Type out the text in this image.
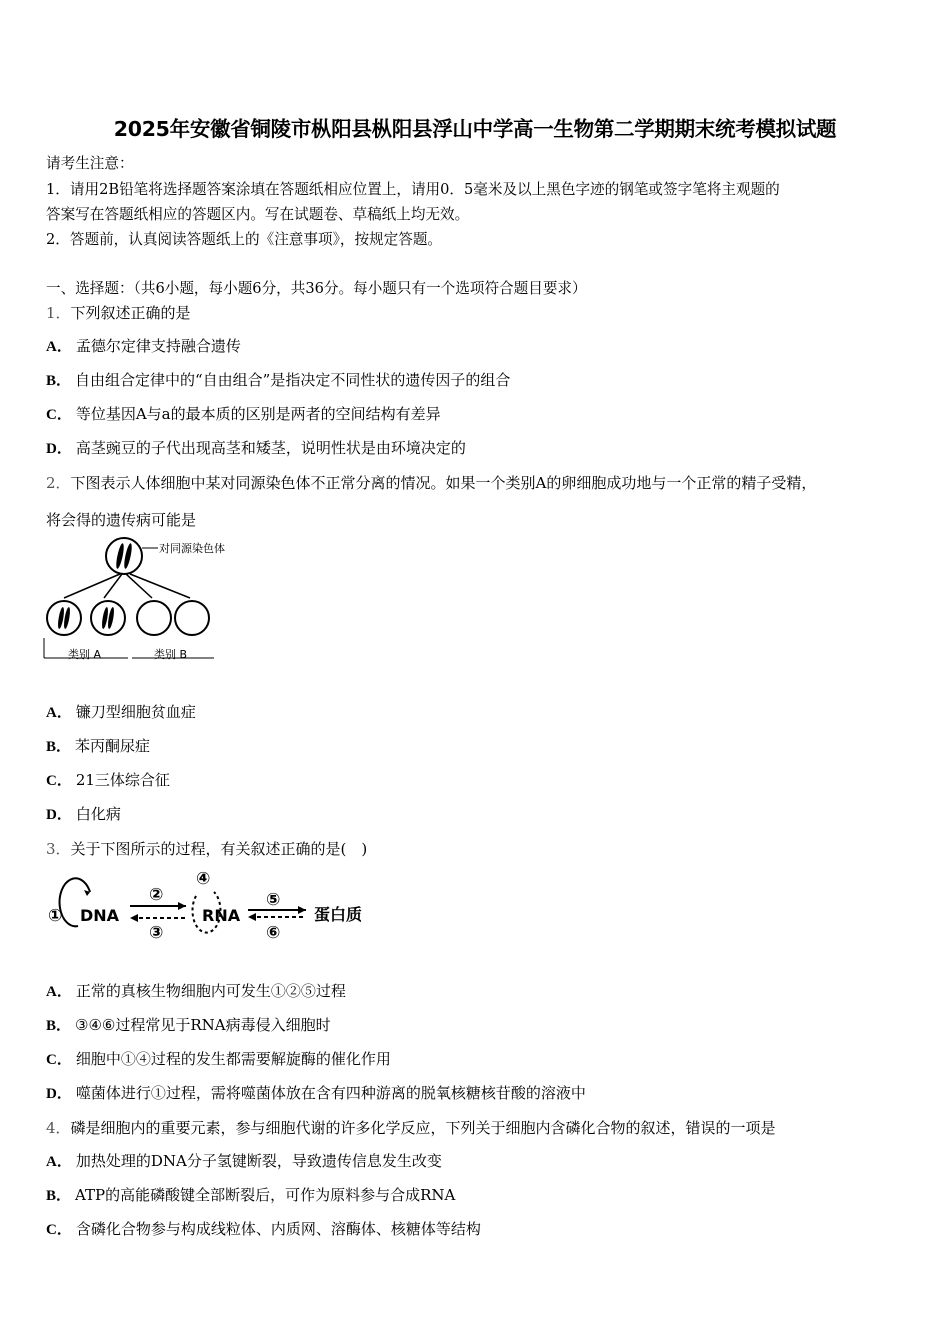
2025年安徽省铜陵市枞阳县枞阳县浮山中学高一生物第二学期期末统考模拟试题
请考生注意：
1．请用2B铅笔将选择题答案涂填在答题纸相应位置上，请用0．5毫米及以上黑色字迹的钢笔或签字笔将主观题的
答案写在答题纸相应的答题区内。写在试题卷、草稿纸上均无效。
2．答题前，认真阅读答题纸上的《注意事项》，按规定答题。
一、选择题：（共6小题，每小题6分，共36分。每小题只有一个选项符合题目要求）
1．下列叙述正确的是
A． 孟德尔定律支持融合遗传
B． 自由组合定律中的“自由组合”是指决定不同性状的遗传因子的组合
C． 等位基因A与a的最本质的区别是两者的空间结构有差异
D． 高茎豌豆的子代出现高茎和矮茎，说明性状是由环境决定的
2．下图表示人体细胞中某对同源染色体不正常分离的情况。如果一个类别A的卵细胞成功地与一个正常的精子受精，
将会得的遗传病可能是
对同源染色体
类别 A	类别 B
A． 镰刀型细胞贫血症
B． 苯丙酮尿症
C． 21三体综合征
D． 白化病
3．关于下图所示的过程，有关叙述正确的是(　)
① DNA
②
③
④
RNA
⑤
⑥
蛋白质
A． 正常的真核生物细胞内可发生①②⑤过程
B． ③④⑥过程常见于RNA病毒侵入细胞时
C． 细胞中①④过程的发生都需要解旋酶的催化作用
D． 噬菌体进行①过程，需将噬菌体放在含有四种游离的脱氧核糖核苷酸的溶液中
4．磷是细胞内的重要元素，参与细胞代谢的许多化学反应，下列关于细胞内含磷化合物的叙述，错误的一项是
A． 加热处理的DNA分子氢键断裂，导致遗传信息发生改变
B． ATP的高能磷酸键全部断裂后，可作为原料参与合成RNA
C． 含磷化合物参与构成线粒体、内质网、溶酶体、核糖体等结构
